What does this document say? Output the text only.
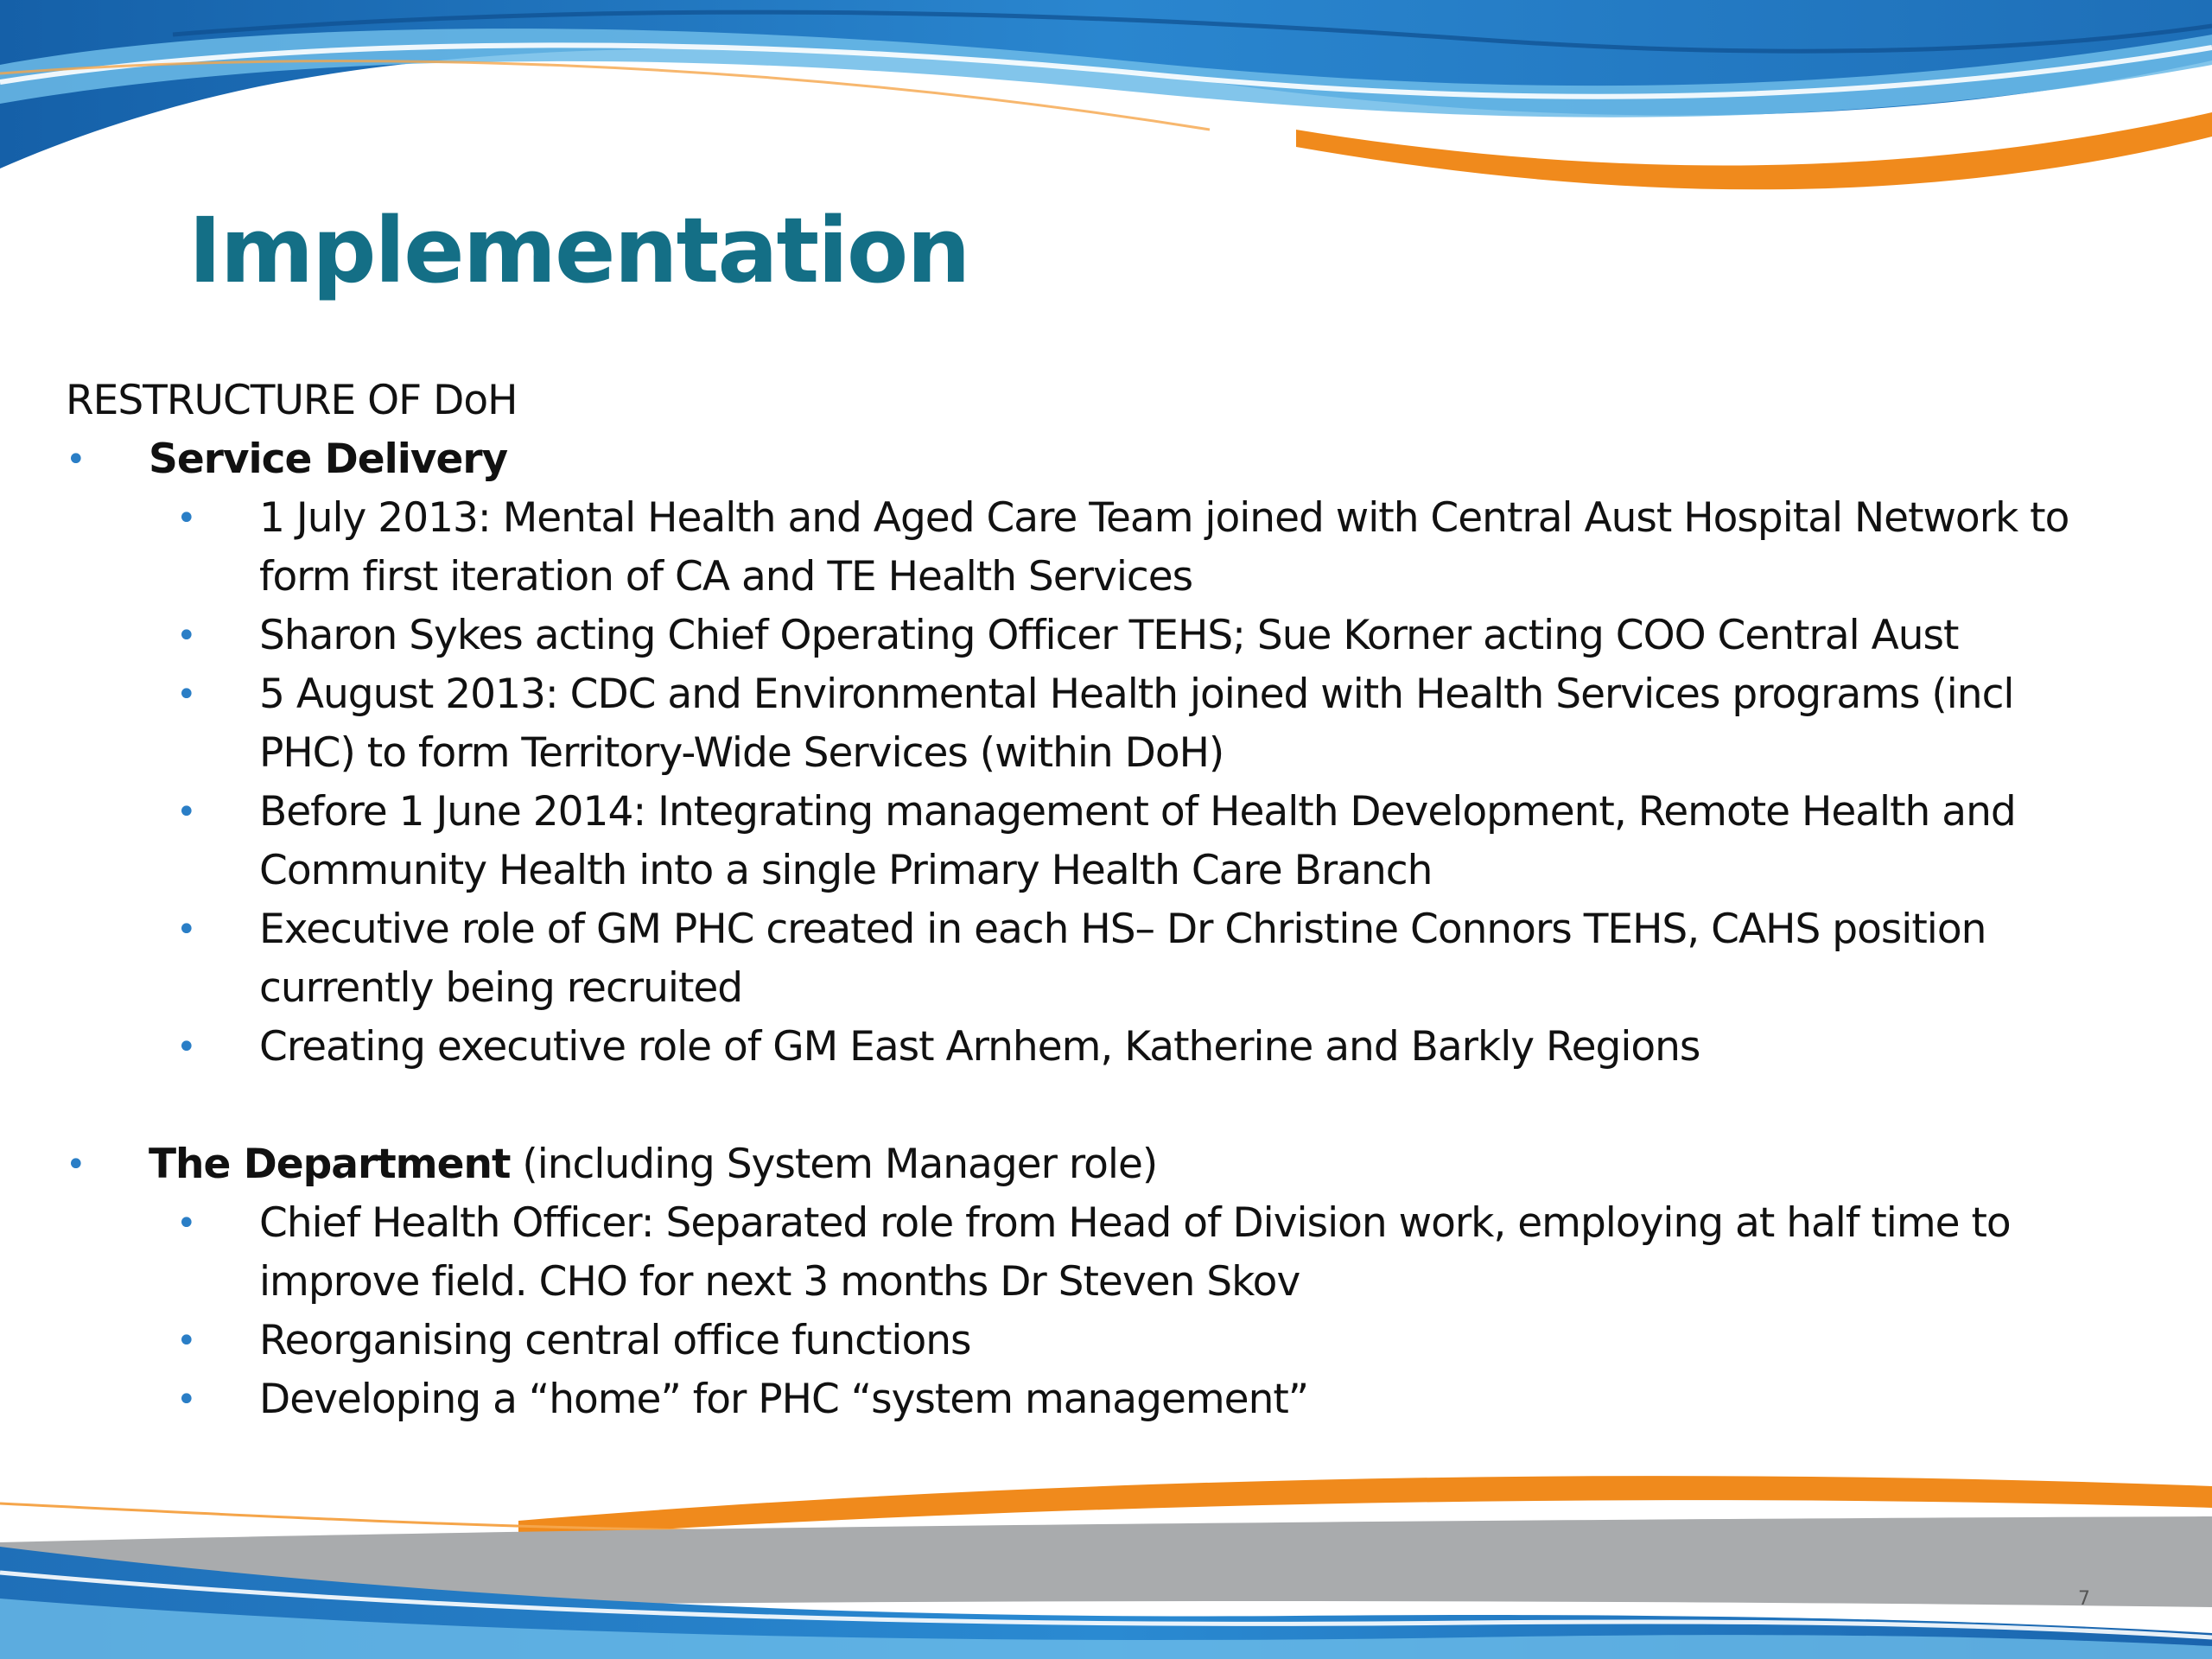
Implementation
RESTRUCTURE OF DoH
• Service Delivery
• 1 July 2013: Mental Health and Aged Care Team joined with Central Aust Hospital Network to
form first iteration of CA and TE Health Services
• Sharon Sykes acting Chief Operating Officer TEHS; Sue Korner acting COO Central Aust
• 5 August 2013: CDC and Environmental Health joined with Health Services programs (incl
PHC) to form Territory-Wide Services (within DoH)
• Before 1 June 2014: Integrating management of Health Development, Remote Health and
Community Health into a single Primary Health Care Branch
• Executive role of GM PHC created in each HS– Dr Christine Connors TEHS, CAHS position
currently being recruited
• Creating executive role of GM East Arnhem, Katherine and Barkly Regions
• The Department (including System Manager role)
• Chief Health Officer: Separated role from Head of Division work, employing at half time to
improve field. CHO for next 3 months Dr Steven Skov
• Reorganising central office functions
• Developing a “home” for PHC “system management”
7
